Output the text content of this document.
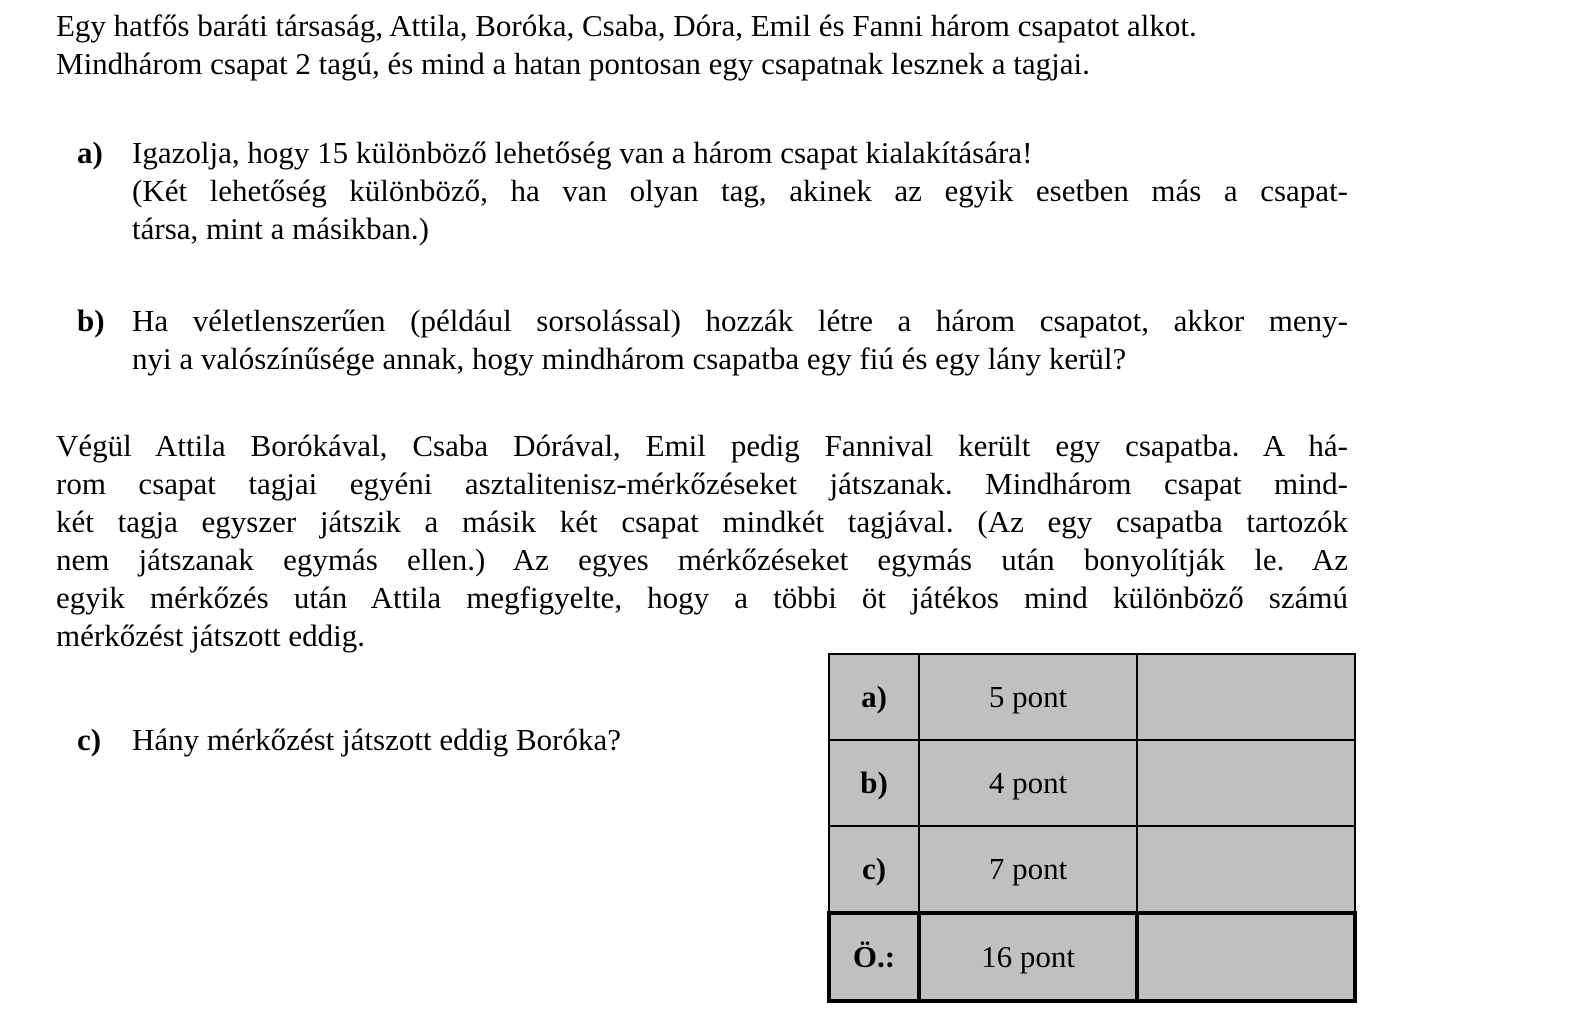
Egy hatfős baráti társaság, Attila, Boróka, Csaba, Dóra, Emil és Fanni három csapatot alkot.
Mindhárom csapat 2 tagú, és mind a hatan pontosan egy csapatnak lesznek a tagjai.
a) Igazolja, hogy 15 különböző lehetőség van a három csapat kialakítására!
(Két lehetőség különböző, ha van olyan tag, akinek az egyik esetben más a csapat-
társa, mint a másikban.)
b) Ha véletlenszerűen (például sorsolással) hozzák létre a három csapatot, akkor meny-
nyi a valószínűsége annak, hogy mindhárom csapatba egy fiú és egy lány kerül?
Végül Attila Borókával, Csaba Dórával, Emil pedig Fannival került egy csapatba. A há-
rom csapat tagjai egyéni asztalitenisz-mérkőzéseket játszanak. Mindhárom csapat mind-
két tagja egyszer játszik a másik két csapat mindkét tagjával. (Az egy csapatba tartozók
nem játszanak egymás ellen.) Az egyes mérkőzéseket egymás után bonyolítják le. Az
egyik mérkőzés után Attila megfigyelte, hogy a többi öt játékos mind különböző számú
mérkőzést játszott eddig.
c) Hány mérkőzést játszott eddig Boróka?
a)	5 pont	
b)	4 pont	
c)	7 pont	
Ö.:	16 pont	
